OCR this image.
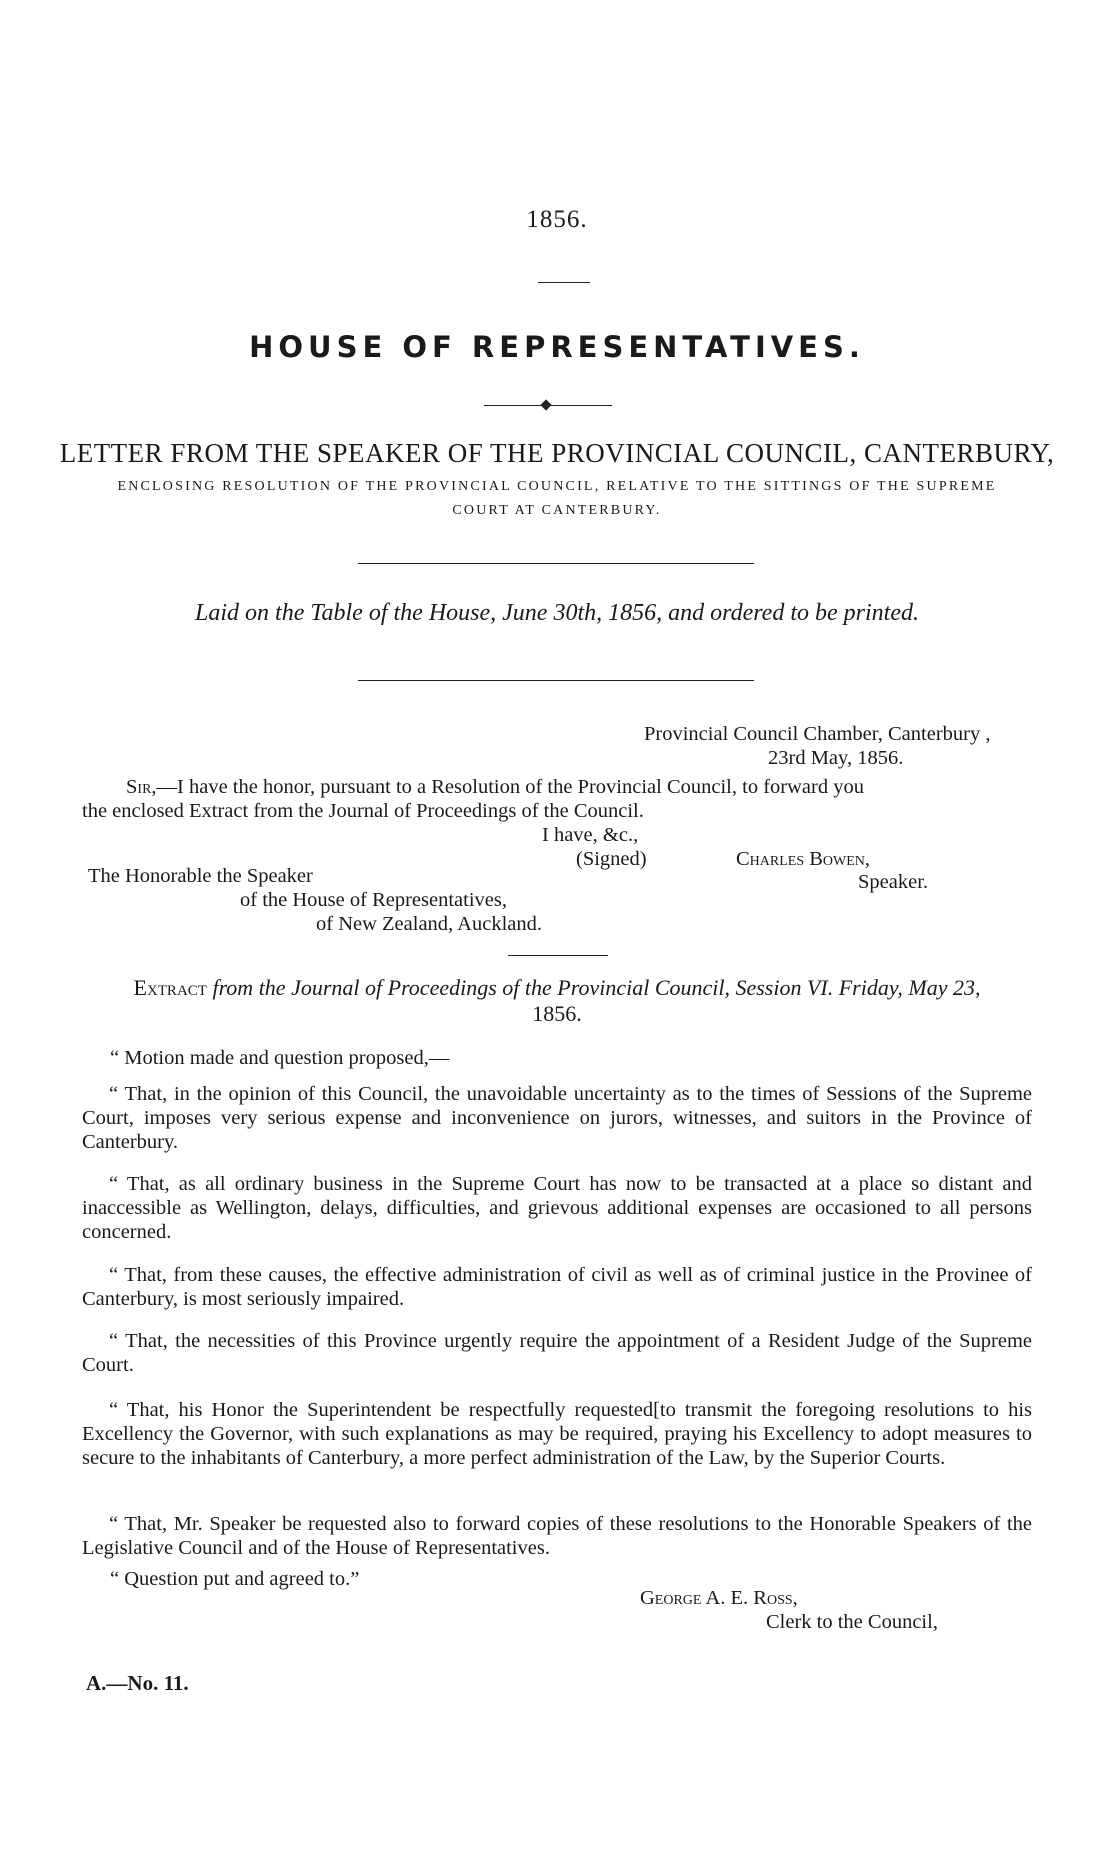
1856.
HOUSE OF REPRESENTATIVES.
LETTER FROM THE SPEAKER OF THE PROVINCIAL COUNCIL, CANTERBURY,
ENCLOSING RESOLUTION OF THE PROVINCIAL COUNCIL, RELATIVE TO THE SITTINGS OF THE SUPREME
COURT AT CANTERBURY.
Laid on the Table of the House, June 30th, 1856, and ordered to be printed.
Provincial Council Chamber, Canterbury ,
23rd May, 1856.
Sir,—I have the honor, pursuant to a Resolution of the Provincial Council, to forward you
the enclosed Extract from the Journal of Proceedings of the Council.
I have, &c.,
(Signed)	Charles Bowen,
Speaker.
The Honorable the Speaker
of the House of Representatives,
of New Zealand, Auckland.
Extract from the Journal of Proceedings of the Provincial Council, Session VI. Friday, May 23,
1856.
“ Motion made and question proposed,—
“ That, in the opinion of this Council, the unavoidable uncertainty as to the times of Sessions of the Supreme Court, imposes very serious expense and inconvenience on jurors, witnesses, and suitors in the Province of Canterbury.
“ That, as all ordinary business in the Supreme Court has now to be transacted at a place so distant and inaccessible as Wellington, delays, difficulties, and grievous additional expenses are occasioned to all persons concerned.
“ That, from these causes, the effective administration of civil as well as of criminal justice in the Provinee of Canterbury, is most seriously impaired.
“ That, the necessities of this Province urgently require the appointment of a Resident Judge of the Supreme Court.
“ That, his Honor the Superintendent be respectfully requested[to transmit the foregoing resolutions to his Excellency the Governor, with such explanations as may be required, praying his Excellency to adopt measures to secure to the inhabitants of Canterbury, a more perfect administration of the Law, by the Superior Courts.
“ That, Mr. Speaker be requested also to forward copies of these resolutions to the Honorable Speakers of the Legislative Council and of the House of Representatives.
“ Question put and agreed to.”
George A. E. Ross,
Clerk to the Council,
A.—No. 11.
